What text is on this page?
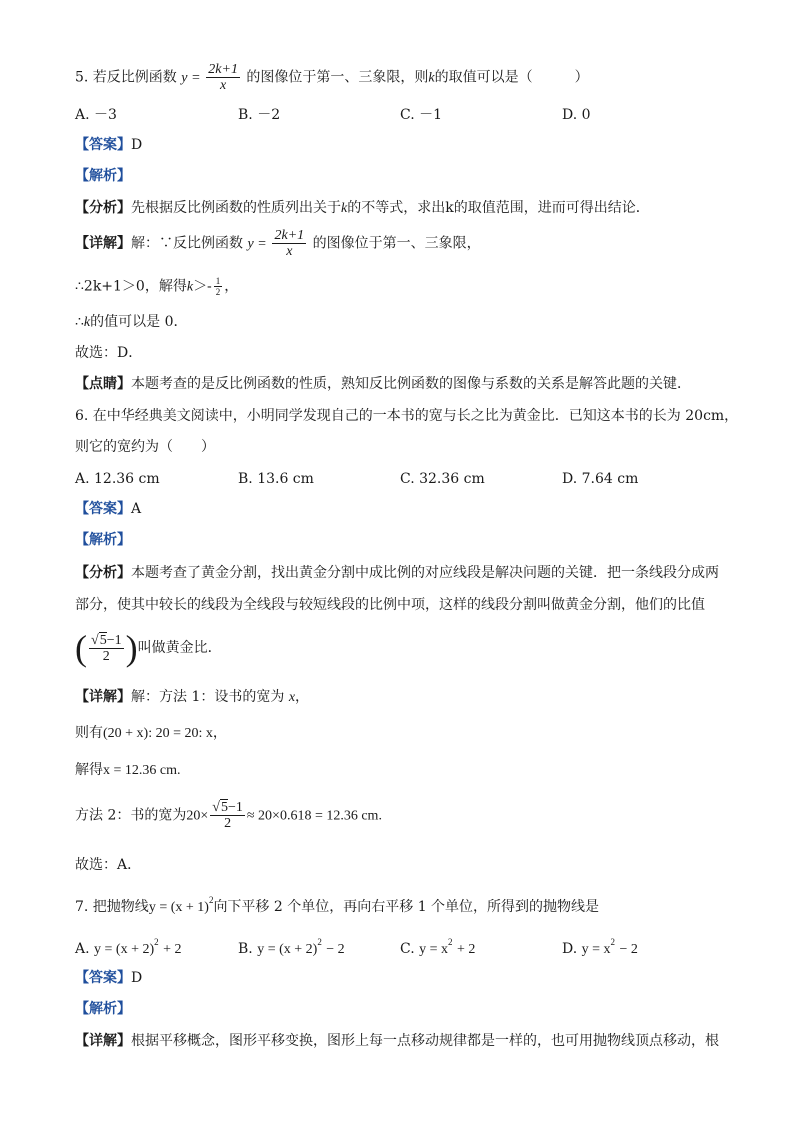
5. 若反比例函数 $y = \frac{2k+1}{x}$ 的图像位于第一、三象限，则k的取值可以是（　　　）
A. －3	B. －2	C. －1	D. 0
【答案】D
【解析】
【分析】先根据反比例函数的性质列出关于k的不等式，求出k的取值范围，进而可得出结论．
【详解】解：∵反比例函数 $y = \frac{2k+1}{x}$ 的图像位于第一、三象限，
∴2k+1＞0，解得$k>- \frac{1}{2}$ ，
∴k的值可以是 0．
故选：D．
【点睛】本题考查的是反比例函数的性质，熟知反比例函数的图像与系数的关系是解答此题的关键．
6. 在中华经典美文阅读中，小明同学发现自己的一本书的宽与长之比为黄金比．已知这本书的长为 20cm，
则它的宽约为（　　）
A. 12.36 cm	B. 13.6 cm	C. 32.36 cm	D. 7.64 cm
【答案】A
【解析】
【分析】本题考查了黄金分割，找出黄金分割中成比例的对应线段是解决问题的关键．把一条线段分成两
部分，使其中较长的线段为全线段与较短线段的比例中项，这样的线段分割叫做黄金分割，他们的比值
( $\frac{√5-1}{2}$ )叫做黄金比．
【详解】解：方法 1：设书的宽为 x，
则有(20 + x): 20 = 20: x，
解得x = 12.36 cm.
方法 2：书的宽为$20\times \frac{√5-1}{2} \approx 20\times 0.618 = 12.36$ cm.
故选：A．
7. 把抛物线$y = (x + 1)^2$向下平移 2 个单位，再向右平移 1 个单位，所得到的抛物线是
A. $y = (x + 2)^2 + 2$	B. $y = (x + 2)^2 - 2$	C. $y = x^2 + 2$	D. $y = x^2 - 2$
【答案】D
【解析】
【详解】根据平移概念，图形平移变换，图形上每一点移动规律都是一样的，也可用抛物线顶点移动，根
